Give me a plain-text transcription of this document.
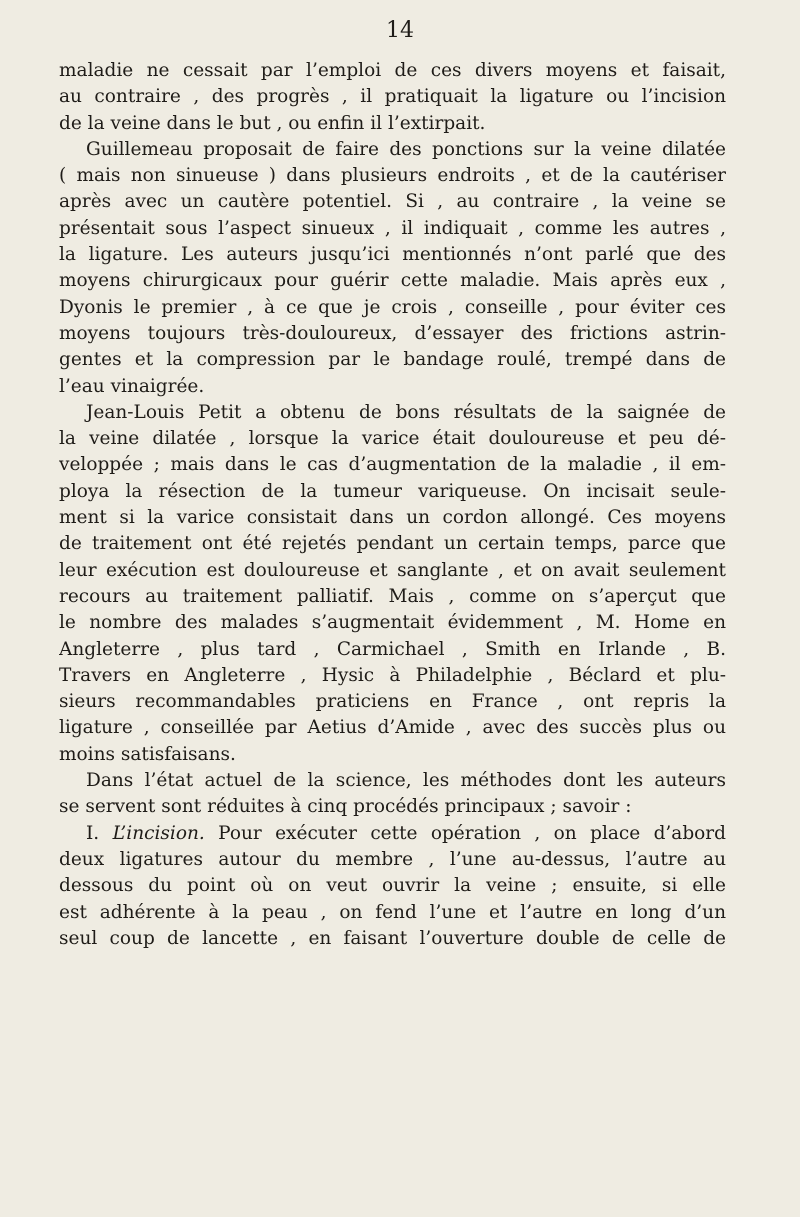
14
maladie ne cessait par l’emploi de ces divers moyens et faisait,
au contraire , des progrès , il pratiquait la ligature ou l’incision
de la veine dans le but , ou enfin il l’extirpait.
Guillemeau proposait de faire des ponctions sur la veine dilatée
( mais non sinueuse ) dans plusieurs endroits , et de la cautériser
après avec un cautère potentiel. Si , au contraire , la veine se
présentait sous l’aspect sinueux , il indiquait , comme les autres ,
la ligature. Les auteurs jusqu’ici mentionnés n’ont parlé que des
moyens chirurgicaux pour guérir cette maladie. Mais après eux ,
Dyonis le premier , à ce que je crois , conseille , pour éviter ces
moyens toujours très-douloureux, d’essayer des frictions astrin-
gentes et la compression par le bandage roulé, trempé dans de
l’eau vinaigrée.
Jean-Louis Petit a obtenu de bons résultats de la saignée de
la veine dilatée , lorsque la varice était douloureuse et peu dé-
veloppée ; mais dans le cas d’augmentation de la maladie , il em-
ploya la résection de la tumeur variqueuse. On incisait seule-
ment si la varice consistait dans un cordon allongé. Ces moyens
de traitement ont été rejetés pendant un certain temps, parce que
leur exécution est douloureuse et sanglante , et on avait seulement
recours au traitement palliatif. Mais , comme on s’aperçut que
le nombre des malades s’augmentait évidemment , M. Home en
Angleterre , plus tard , Carmichael , Smith en Irlande , B.
Travers en Angleterre , Hysic à Philadelphie , Béclard et plu-
sieurs recommandables praticiens en France , ont repris la
ligature , conseillée par Aetius d’Amide , avec des succès plus ou
moins satisfaisans.
Dans l’état actuel de la science, les méthodes dont les auteurs
se servent sont réduites à cinq procédés principaux ; savoir :
I. L’incision. Pour exécuter cette opération , on place d’abord
deux ligatures autour du membre , l’une au-dessus, l’autre au
dessous du point où on veut ouvrir la veine ; ensuite, si elle
est adhérente à la peau , on fend l’une et l’autre en long d’un
seul coup de lancette , en faisant l’ouverture double de celle de
